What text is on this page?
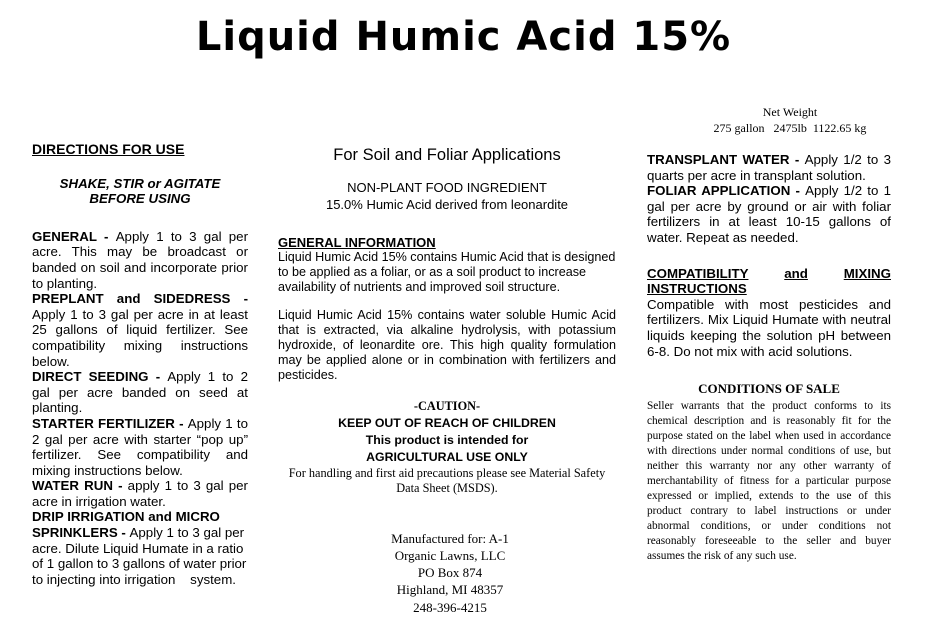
Liquid Humic Acid 15%
Net Weight
275 gallon   2475lb  1122.65 kg
DIRECTIONS FOR USE
SHAKE, STIR or AGITATE
BEFORE USING

GENERAL - Apply 1 to 3 gal per acre. This may be broadcast or banded on soil and incorporate prior to planting.

PREPLANT and SIDEDRESS - Apply 1 to 3 gal per acre in at least 25 gallons of liquid fertilizer. See compatibility mixing instructions below.

DIRECT SEEDING - Apply 1 to 2 gal per acre banded on seed at planting.

STARTER FERTILIZER - Apply 1 to 2 gal per acre with starter “pop up” fertilizer. See compatibility and mixing instructions below.

WATER RUN - apply 1 to 3 gal per acre in irrigation water.

DRIP IRRIGATION and MICRO SPRINKLERS - Apply 1 to 3 gal per acre. Dilute Liquid Humate in a ratio of 1 gallon to 3 gallons of water prior to injecting into irrigation    system.

For Soil and Foliar Applications
NON-PLANT FOOD INGREDIENT
15.0% Humic Acid derived from leonardite
GENERAL INFORMATION

Liquid Humic Acid 15% contains Humic Acid that is designed to be applied as a foliar, or as a soil product to increase availability of nutrients and improved soil structure.

Liquid Humic Acid 15% contains water soluble Humic Acid that is extracted, via alkaline hydrolysis, with potassium hydroxide, of leonardite ore. This high quality formulation may be applied alone or in combination with fertilizers and pesticides.

-CAUTION-
KEEP OUT OF REACH OF CHILDREN
This product is intended for
AGRICULTURAL USE ONLY
For handling and first aid precautions please see Material Safety Data Sheet (MSDS).
Manufactured for: A-1
Organic Lawns, LLC
PO Box 874
Highland, MI 48357
248-396-4215

TRANSPLANT WATER - Apply 1/2 to 3 quarts per acre in transplant solution.

FOLIAR APPLICATION - Apply 1/2 to 1 gal per acre by ground or air with foliar fertilizers in at least 10-15 gallons of water. Repeat as needed.

COMPATIBILITY	and	MIXING
INSTRUCTIONS

Compatible with most pesticides and fertilizers. Mix Liquid Humate with neutral liquids keeping the solution pH between 6-8. Do not mix with acid solutions.

CONDITIONS OF SALE

Seller warrants that the product conforms to its chemical description and is reasonably fit for the purpose stated on the label when used in accordance with directions under normal conditions of use, but neither this warranty nor any other warranty of merchantability of fitness for a particular purpose expressed or implied, extends to the use of this product contrary to label instructions or under abnormal conditions, or under conditions not reasonably foreseeable to the seller and buyer assumes the risk of any such use.
